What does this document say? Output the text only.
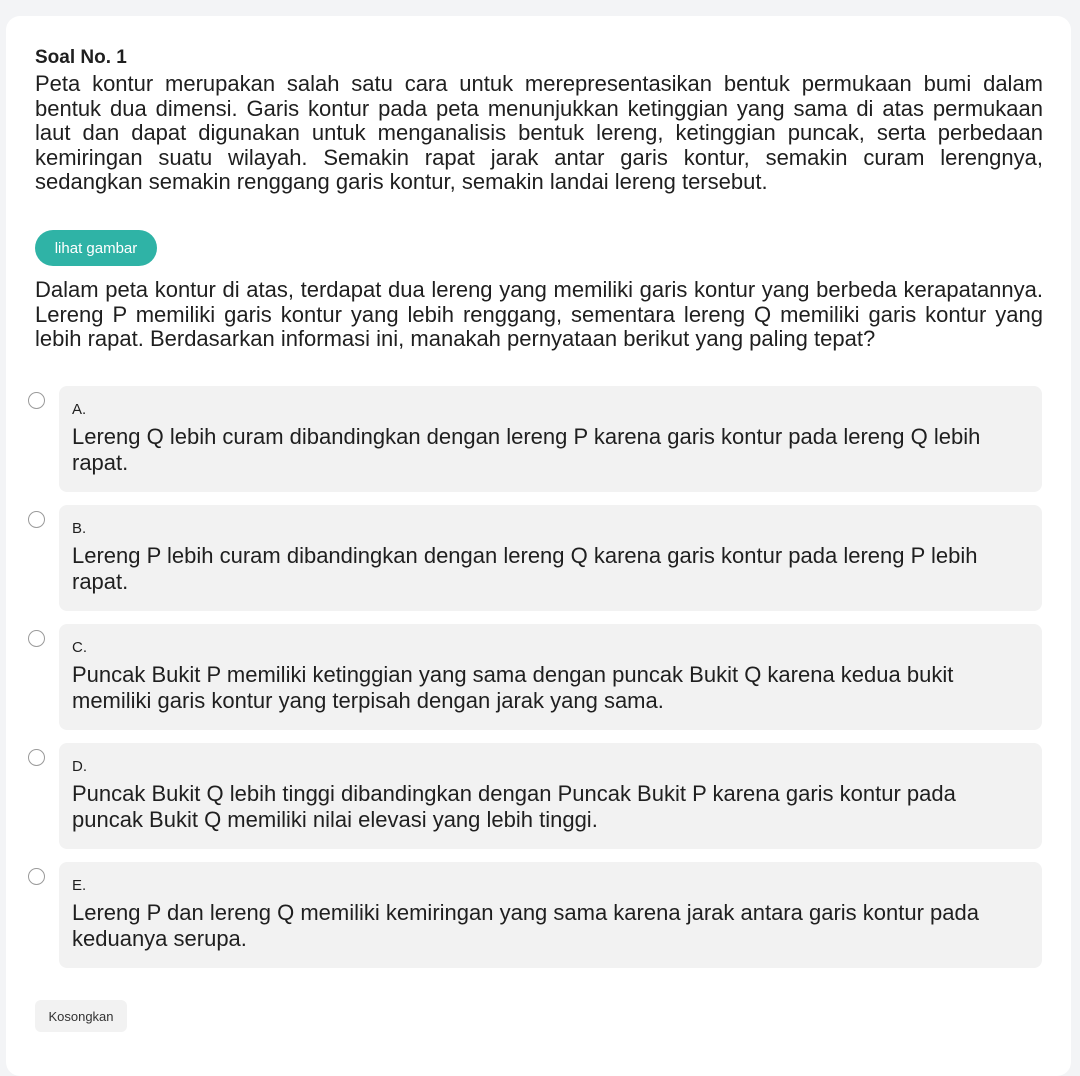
Soal No. 1

Peta kontur merupakan salah satu cara untuk merepresentasikan bentuk permukaan bumi dalam bentuk dua dimensi. Garis kontur pada peta menunjukkan ketinggian yang sama di atas permukaan laut dan dapat digunakan untuk menganalisis bentuk lereng, ketinggian puncak, serta perbedaan kemiringan suatu wilayah. Semakin rapat jarak antar garis kontur, semakin curam lerengnya, sedangkan semakin renggang garis kontur, semakin landai lereng tersebut.

lihat gambar

Dalam peta kontur di atas, terdapat dua lereng yang memiliki garis kontur yang berbeda kerapatannya. Lereng P memiliki garis kontur yang lebih renggang, sementara lereng Q memiliki garis kontur yang lebih rapat. Berdasarkan informasi ini, manakah pernyataan berikut yang paling tepat?

A.
Lereng Q lebih curam dibandingkan dengan lereng P karena garis kontur pada lereng Q lebih rapat.
B.
Lereng P lebih curam dibandingkan dengan lereng Q karena garis kontur pada lereng P lebih rapat.
C.
Puncak Bukit P memiliki ketinggian yang sama dengan puncak Bukit Q karena kedua bukit memiliki garis kontur yang terpisah dengan jarak yang sama.
D.
Puncak Bukit Q lebih tinggi dibandingkan dengan Puncak Bukit P karena garis kontur pada puncak Bukit Q memiliki nilai elevasi yang lebih tinggi.
E.
Lereng P dan lereng Q memiliki kemiringan yang sama karena jarak antara garis kontur pada keduanya serupa.
Kosongkan
